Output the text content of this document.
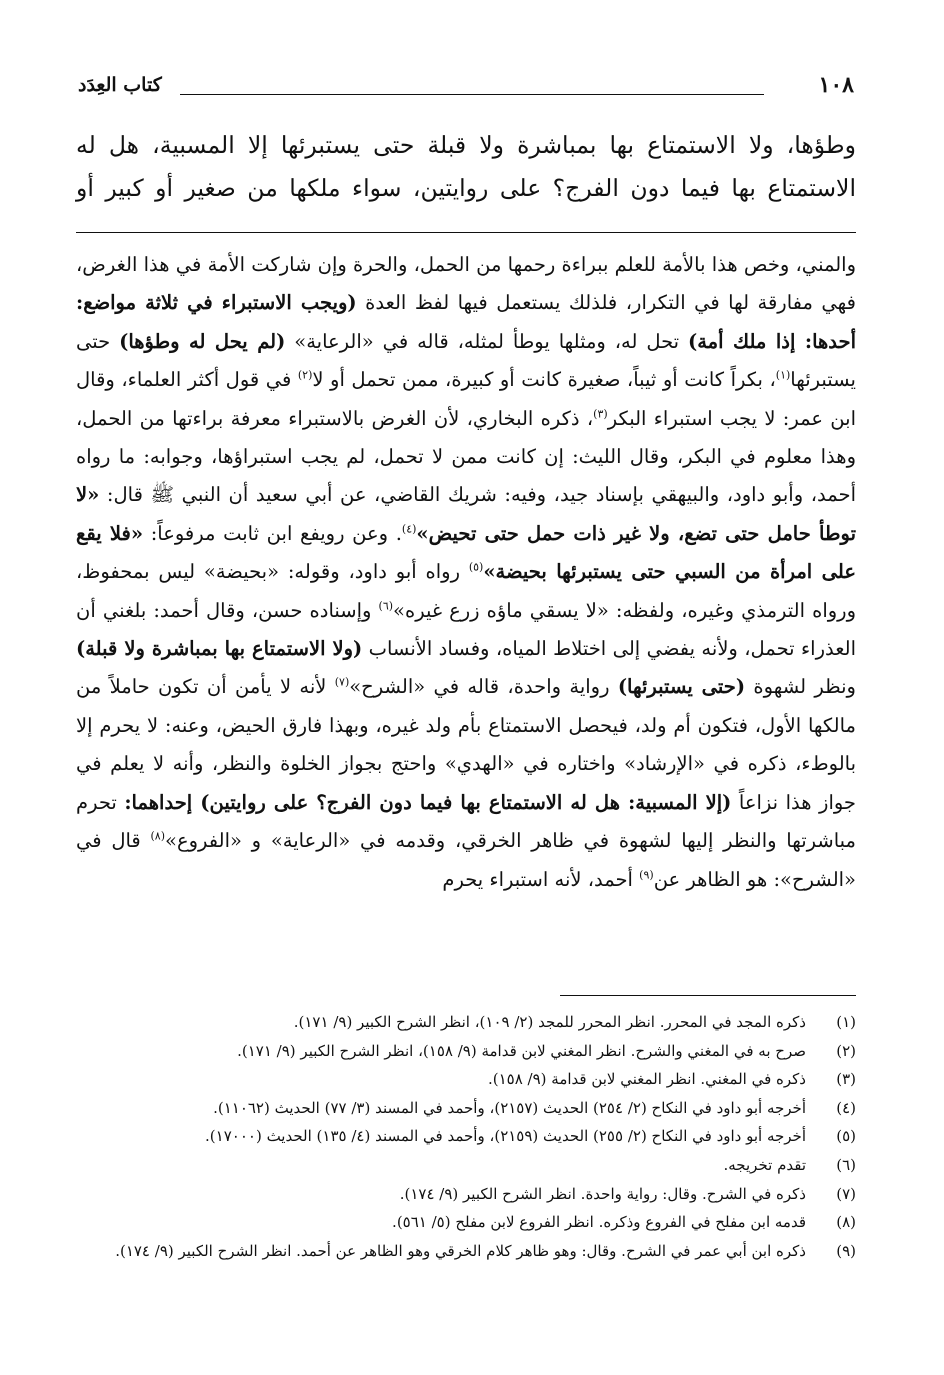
١٠٨
كتاب العِدَد

وطؤها، ولا الاستمتاع بها بمباشرة ولا قبلة حتى يستبرئها إلا المسبية، هل له

الاستمتاع بها فيما دون الفرج؟ على روايتين، سواء ملكها من صغير أو كبير أو

والمني، وخص هذا بالأمة للعلم ببراءة رحمها من الحمل، والحرة وإن شاركت الأمة في هذا الغرض، فهي مفارقة لها في التكرار، فلذلك يستعمل فيها لفظ العدة (ويجب الاستبراء في ثلاثة مواضع: أحدها: إذا ملك أمة) تحل له، ومثلها يوطأ لمثله، قاله في «الرعاية» (لم يحل له وطؤها) حتى يستبرئها$^{(١)}$، بكراً كانت أو ثيباً، صغيرة كانت أو كبيرة، ممن تحمل أو لا$^{(٢)}$ في قول أكثر العلماء، وقال ابن عمر: لا يجب استبراء البكر$^{(٣)}$، ذكره البخاري، لأن الغرض بالاستبراء معرفة براءتها من الحمل، وهذا معلوم في البكر، وقال الليث: إن كانت ممن لا تحمل، لم يجب استبراؤها، وجوابه: ما رواه أحمد، وأبو داود، والبيهقي بإسناد جيد، وفيه: شريك القاضي، عن أبي سعيد أن النبي ﷺ قال: «لا توطأ حامل حتى تضع، ولا غير ذات حمل حتى تحيض»$^{(٤)}$. وعن رويفع ابن ثابت مرفوعاً: «فلا يقع على امرأة من السبي حتى يستبرئها بحيضة»$^{(٥)}$ رواه أبو داود، وقوله: «بحيضة» ليس بمحفوظ، ورواه الترمذي وغيره، ولفظه: «لا يسقي ماؤه زرع غيره»$^{(٦)}$ وإسناده حسن، وقال أحمد: بلغني أن العذراء تحمل، ولأنه يفضي إلى اختلاط المياه، وفساد الأنساب (ولا الاستمتاع بها بمباشرة ولا قبلة) ونظر لشهوة (حتى يستبرئها) رواية واحدة، قاله في «الشرح»$^{(٧)}$ لأنه لا يأمن أن تكون حاملاً من مالكها الأول، فتكون أم ولد، فيحصل الاستمتاع بأم ولد غيره، وبهذا فارق الحيض، وعنه: لا يحرم إلا بالوطء، ذكره في «الإرشاد» واختاره في «الهدي» واحتج بجواز الخلوة والنظر، وأنه لا يعلم في جواز هذا نزاعاً (إلا المسبية: هل له الاستمتاع بها فيما دون الفرج؟ على روايتين) إحداهما: تحرم مباشرتها والنظر إليها لشهوة في ظاهر الخرقي، وقدمه في «الرعاية» و «الفروع»$^{(٨)}$ قال في «الشرح»: هو الظاهر عن$^{(٩)}$ أحمد، لأنه استبراء يحرم

(١)
ذكره المجد في المحرر. انظر المحرر للمجد (٢/ ١٠٩)، انظر الشرح الكبير (٩/ ١٧١).
(٢)
صرح به في المغني والشرح. انظر المغني لابن قدامة (٩/ ١٥٨)، انظر الشرح الكبير (٩/ ١٧١).
(٣)
ذكره في المغني. انظر المغني لابن قدامة (٩/ ١٥٨).
(٤)
أخرجه أبو داود في النكاح (٢/ ٢٥٤) الحديث (٢١٥٧)، وأحمد في المسند (٣/ ٧٧) الحديث (١١٠٦٢).
(٥)
أخرجه أبو داود في النكاح (٢/ ٢٥٥) الحديث (٢١٥٩)، وأحمد في المسند (٤/ ١٣٥) الحديث (١٧٠٠٠).
(٦)
تقدم تخريجه.
(٧)
ذكره في الشرح. وقال: رواية واحدة. انظر الشرح الكبير (٩/ ١٧٤).
(٨)
قدمه ابن مفلح في الفروع وذكره. انظر الفروع لابن مفلح (٥/ ٥٦١).
(٩)
ذكره ابن أبي عمر في الشرح. وقال: وهو ظاهر كلام الخرقي وهو الظاهر عن أحمد. انظر الشرح الكبير (٩/ ١٧٤).
